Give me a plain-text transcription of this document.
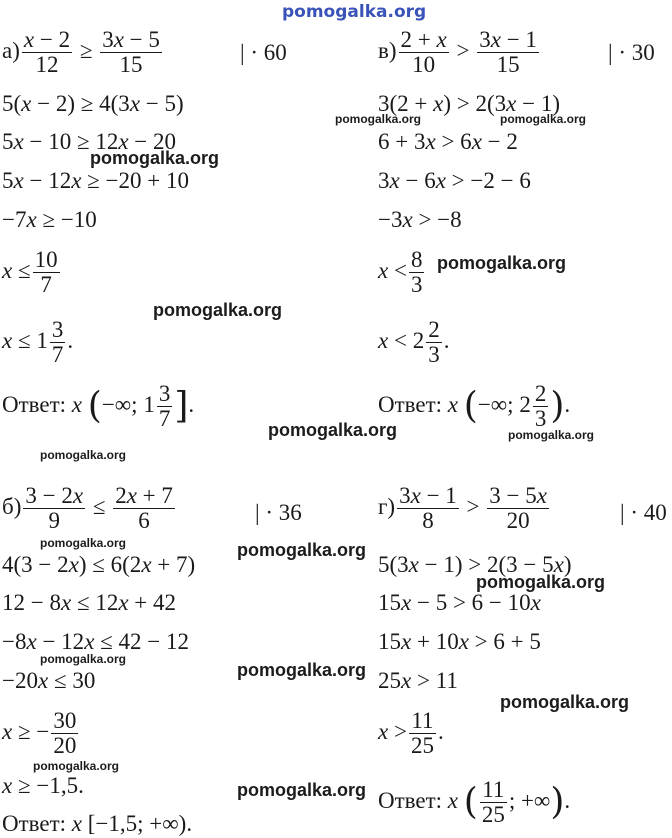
pomogalka.org
$а) \frac{x - 2}{12} \ge \frac{3x - 5}{15}$	| · 60
5(x − 2) ≥ 4(3x − 5)
5x − 10 ≥ 12x − 20
5x − 12x ≥ −20 + 10
−7x ≥ −10
$x \le \frac{10}{7}$
$x \le 1 \frac{3}{7}$ .
Ответ: x (−∞; $1 \frac{3}{7}$ ].
$в) \frac{2 + x}{10} > \frac{3x - 1}{15}$	| · 30
3(2 + x) > 2(3x − 1)
6 + 3x > 6x − 2
3x − 6x > −2 − 6
−3x > −8
$x < \frac{8}{3}$
$x < 2 \frac{2}{3}$ .
Ответ: x (−∞; $2 \frac{2}{3}$ ).
$б) \frac{3 - 2x}{9} \le \frac{2x + 7}{6}$	| · 36
4(3 − 2x) ≤ 6(2x + 7)
12 − 8x ≤ 12x + 42
−8x − 12x ≤ 42 − 12
−20x ≤ 30
x ≥ − $\frac{30}{20}$
x ≥ −1,5.
Ответ: x [−1,5; +∞).
$г) \frac{3x - 1}{8} > \frac{3 - 5x}{20}$	| · 40
5(3x − 1) > 2(3 − 5x)
15x − 5 > 6 − 10x
15x + 10x > 6 + 5
25x > 11
$x > \frac{11}{25}$ .
Ответ: x ( $\frac{11}{25}$ ; +∞).
pomogalka.org
pomogalka.org	pomogalka.org
pomogalka.org
pomogalka.org
pomogalka.org	pomogalka.org
pomogalka.org
pomogalka.org	pomogalka.org
pomogalka.org
pomogalka.org
pomogalka.org
pomogalka.org
pomogalka.org
pomogalka.org
